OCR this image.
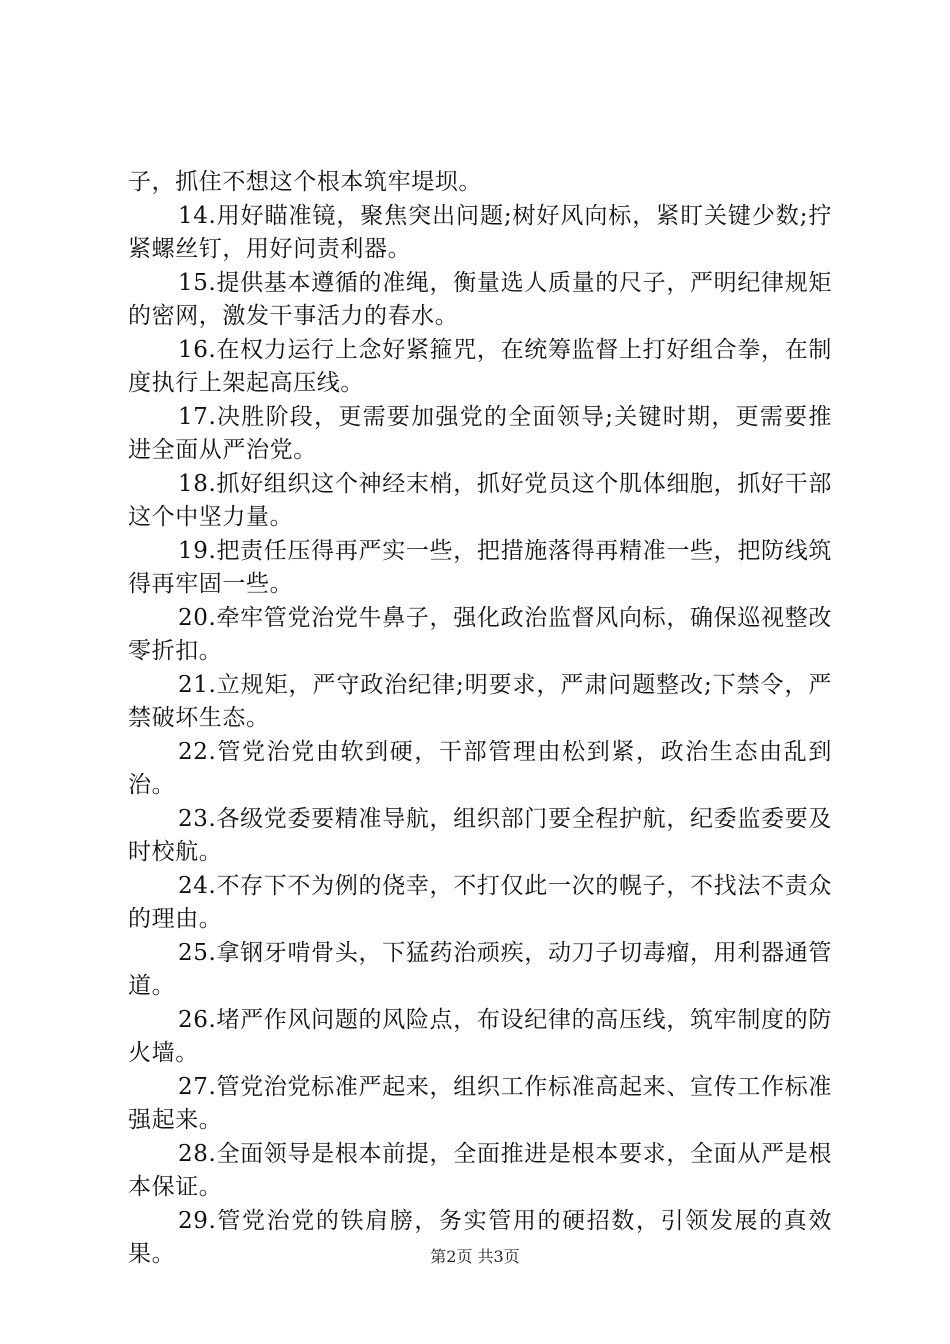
子，抓住不想这个根本筑牢堤坝。

14.用好瞄准镜，聚焦突出问题;树好风向标，紧盯关键少数;拧紧螺丝钉，用好问责利器。

15.提供基本遵循的准绳，衡量选人质量的尺子，严明纪律规矩的密网，激发干事活力的春水。

16.在权力运行上念好紧箍咒，在统筹监督上打好组合拳，在制度执行上架起高压线。

17.决胜阶段，更需要加强党的全面领导;关键时期，更需要推进全面从严治党。

18.抓好组织这个神经末梢，抓好党员这个肌体细胞，抓好干部这个中坚力量。

19.把责任压得再严实一些，把措施落得再精准一些，把防线筑得再牢固一些。

20.牵牢管党治党牛鼻子，强化政治监督风向标，确保巡视整改零折扣。

21.立规矩，严守政治纪律;明要求，严肃问题整改;下禁令，严禁破坏生态。

22.管党治党由软到硬，干部管理由松到紧，政治生态由乱到治。

23.各级党委要精准导航，组织部门要全程护航，纪委监委要及时校航。

24.不存下不为例的侥幸，不打仅此一次的幌子，不找法不责众的理由。

25.拿钢牙啃骨头，下猛药治顽疾，动刀子切毒瘤，用利器通管道。

26.堵严作风问题的风险点，布设纪律的高压线，筑牢制度的防火墙。

27.管党治党标准严起来，组织工作标准高起来、宣传工作标准强起来。

28.全面领导是根本前提，全面推进是根本要求，全面从严是根本保证。

29.管党治党的铁肩膀，务实管用的硬招数，引领发展的真效果。	第2页 共3页
